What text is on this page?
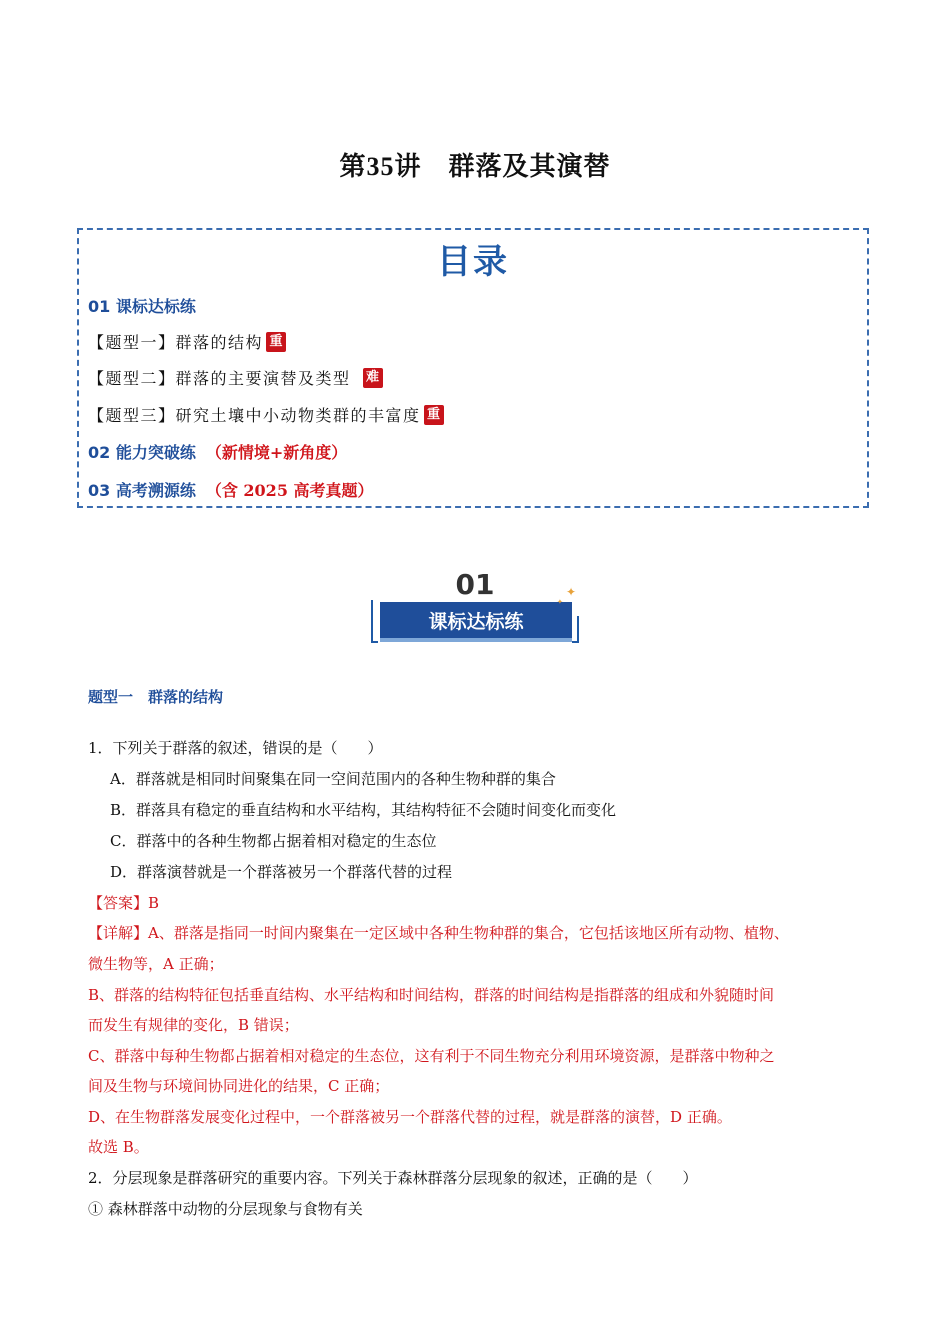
第35讲　群落及其演替
目录
01 课标达标练
【题型一】群落的结构 重
【题型二】群落的主要演替及类型 难
【题型三】研究土壤中小动物类群的丰富度 重
02 能力突破练 （新情境+新角度）
03 高考溯源练 （含 2025 高考真题）
01
课标达标练
✦
✦
题型一　群落的结构
1．下列关于群落的叙述，错误的是（　　）
A．群落就是相同时间聚集在同一空间范围内的各种生物种群的集合
B．群落具有稳定的垂直结构和水平结构，其结构特征不会随时间变化而变化
C．群落中的各种生物都占据着相对稳定的生态位
D．群落演替就是一个群落被另一个群落代替的过程
【答案】B
【详解】A、群落是指同一时间内聚集在一定区域中各种生物种群的集合，它包括该地区所有动物、植物、
微生物等，A 正确；
B、群落的结构特征包括垂直结构、水平结构和时间结构，群落的时间结构是指群落的组成和外貌随时间
而发生有规律的变化，B 错误；
C、群落中每种生物都占据着相对稳定的生态位，这有利于不同生物充分利用环境资源，是群落中物种之
间及生物与环境间协同进化的结果，C 正确；
D、在生物群落发展变化过程中，一个群落被另一个群落代替的过程，就是群落的演替，D 正确。
故选 B。
2．分层现象是群落研究的重要内容。下列关于森林群落分层现象的叙述，正确的是（　　）
① 森林群落中动物的分层现象与食物有关
